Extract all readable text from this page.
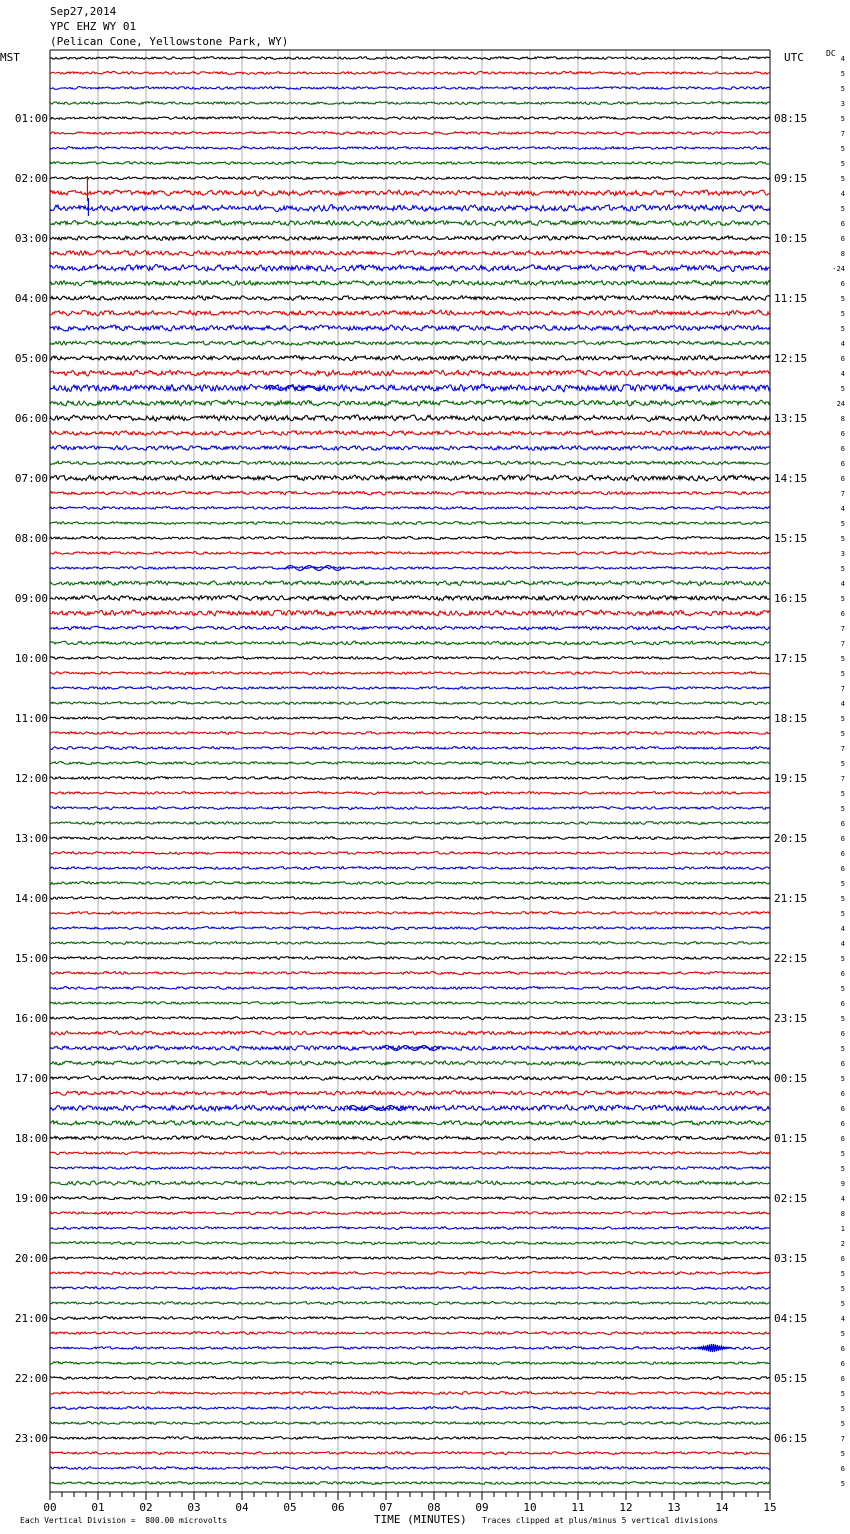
Sep27,2014
YPC EHZ WY 01
(Pelican Cone, Yellowstone Park, WY)
MST	UTC	DC
01:00
02:00
03:00
04:00
05:00
06:00
07:00
08:00
09:00
10:00
11:00
12:00
13:00
14:00
15:00
16:00
17:00
18:00
19:00
20:00
21:00
22:00
23:00
08:15
09:15
10:15
11:15
12:15
13:15
14:15
15:15
16:15
17:15
18:15
19:15
20:15
21:15
22:15
23:15
00:15
01:15
02:15
03:15
04:15
05:15
06:15
4
5
5
3
5
7
5
5
5
4
5
6
6
8
-24
6
5
5
5
4
6
4
5
24
8
6
6
6
6
7
4
5
5
3
5
4
5
6
7
7
5
5
7
4
5
5
7
5
7
5
5
6
6
6
6
5
5
5
4
4
5
6
5
6
5
6
5
6
5
6
6
6
6
5
5
9
4
8
1
2
6
5
5
5
4
5
6
6
6
5
5
5
7
5
6
5
00	01	02	03	04	05	06	07	08	09	10	11	12	13	14	15
Each Vertical Division =  800.00 microvolts	TIME (MINUTES) Traces clipped at plus/minus 5 vertical divisions
